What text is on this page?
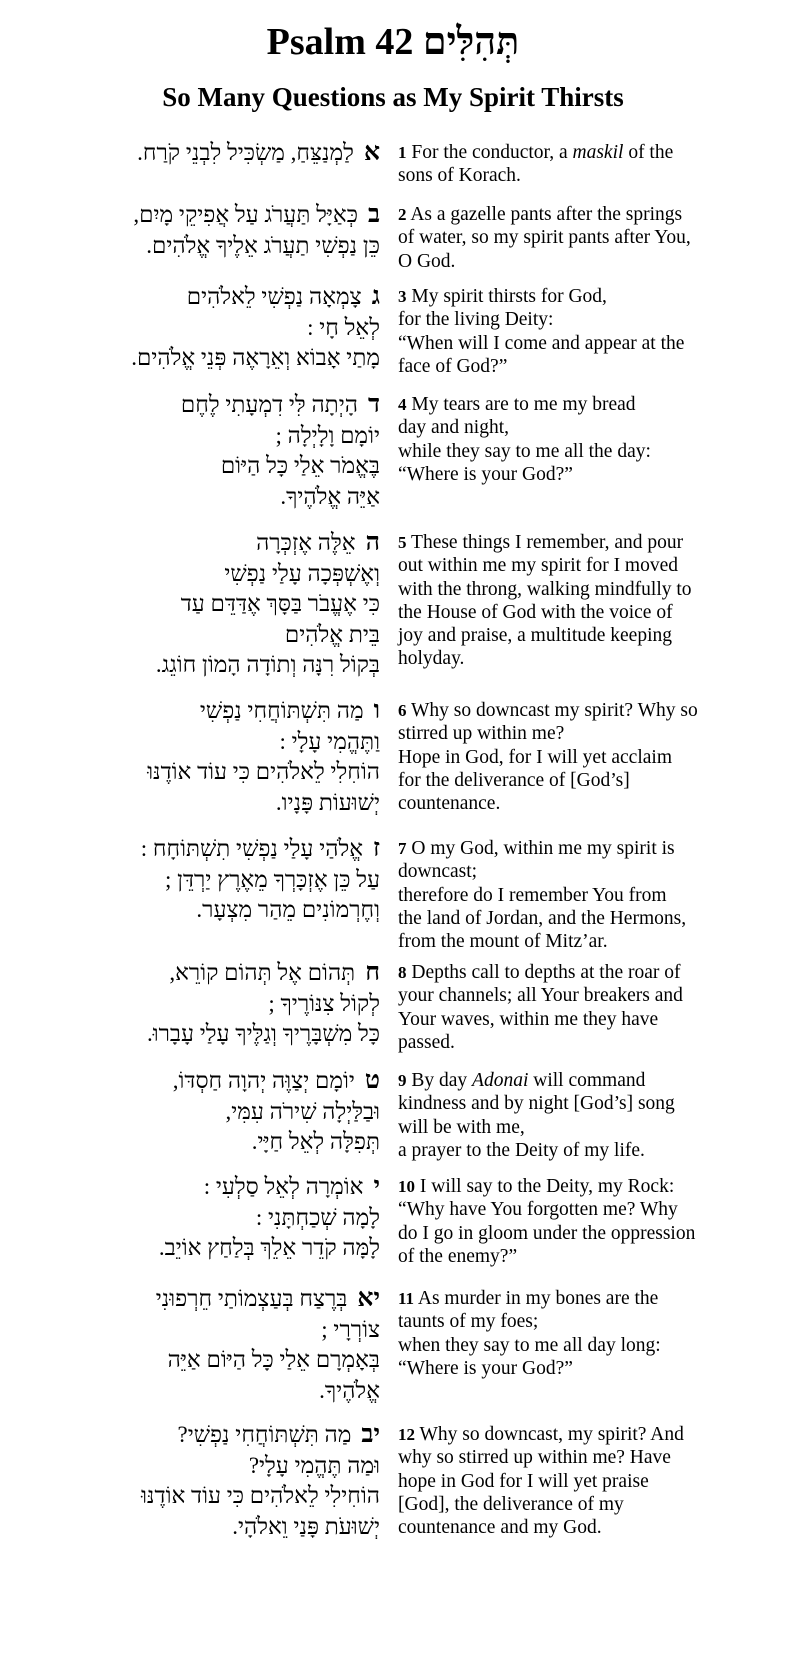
Psalm 42 תְּהִלִּים
So Many Questions as My Spirit Thirsts
אלַמְנַצֵּחַ, מַשְׂכִּיל לִבְנֵי קֹרַח.	1 For the conductor, a maskil of the
sons of Korach.
בכְּאַיָּל תַּעֲרֹג עַל אֲפִיקֵי מָיִם,
כֵּן נַפְשִׁי תַעֲרֹג אֵלֶיךָ אֱלֹהִים.
2 As a gazelle pants after the springs
of water, so my spirit pants after You,
O God.
גצָמְאָה נַפְשִׁי לֵאלֹהִים
לְאֵל חָי :
מָתַי אָבוֹא וְאֵרָאֶה פְּנֵי אֱלֹהִים.
3 My spirit thirsts for God,
for the living Deity:
“When will I come and appear at the
face of God?”
דהָיְתָה לִּי דִמְעָתִי לֶחֶם
יוֹמָם וָלָיְלָה ;
בֶּאֱמֹר אֵלַי כָּל הַיּוֹם
אַיֵּה אֱלֹהֶיךָ.
4 My tears are to me my bread
day and night,
while they say to me all the day:
“Where is your God?”
האֵלֶּה אֶזְכְּרָה
וְאֶשְׁפְּכָה עָלַי נַפְשִׁי
כִּי אֶעֱבֹר בַּסָּךְ אֶדַּדֵּם עַד
בֵּית אֱלֹהִים
בְּקוֹל רִנָּה וְתוֹדָה הָמוֹן חוֹגֵג.
5 These things I remember, and pour
out within me my spirit for I moved
with the throng, walking mindfully to
the House of God with the voice of
joy and praise, a multitude keeping
holyday.
ומַה תִּשְׁתּוֹחֲחִי נַפְשִׁי
וַתֶּהֱמִי עָלָי :
הוֹחִלִי לֵאלֹהִים כִּי עוֹד אוֹדֶנּוּ
יְשׁוּעוֹת פָּנָיו.
6 Why so downcast my spirit? Why so
stirred up within me?
Hope in God, for I will yet acclaim
for the deliverance of [God’s]
countenance.
זאֱלֹהַי עָלַי נַפְשִׁי תִשְׁתּוֹחָח :
עַל כֵּן אֶזְכָּרְךָ מֵאֶרֶץ יַרְדֵּן ;
וְחֶרְמוֹנִים מֵהַר מִצְעָר.
7 O my God, within me my spirit is
downcast;
therefore do I remember You from
the land of Jordan, and the Hermons,
from the mount of Mitz’ar.
חתְּהוֹם אֶל תְּהוֹם קוֹרֵא,
לְקוֹל צִנּוֹרֶיךָ ;
כָּל מִשְׁבָּרֶיךָ וְגַלֶּיךָ עָלַי עָבָרוּ.
8 Depths call to depths at the roar of
your channels; all Your breakers and
Your waves, within me they have
passed.
טיוֹמָם יְצַוֶּה יְהוָה חַסְדּוֹ,
וּבַלַּיְלָה שִׁירֹה עִמִּי,
תְּפִלָּה לְאֵל חַיָּי.
9 By day Adonai will command
kindness and by night [God’s] song
will be with me,
a prayer to the Deity of my life.
יאוֹמְרָה לְאֵל סַלְעִי :
לָמָה שְׁכַחְתָּנִי :
לָמָּה קֹדֵר אֵלֵךְ בְּלַחַץ אוֹיֵב.
10 I will say to the Deity, my Rock:
“Why have You forgotten me? Why
do I go in gloom under the oppression
of the enemy?”
יאבְּרֶצַח בְּעַצְמוֹתַי חֵרְפוּנִי
צוֹרְרָי ;
בְּאָמְרָם אֵלַי כָּל הַיּוֹם אַיֵּה
אֱלֹהֶיךָ.
11 As murder in my bones are the
taunts of my foes;
when they say to me all day long:
“Where is your God?”
יבמַה תִּשְׁתּוֹחֲחִי נַפְשִׁי?
וּמַה תֶּהֱמִי עָלָי?
הוֹחִילִי לֵאלֹהִים כִּי עוֹד אוֹדֶנּוּ
יְשׁוּעֹת פָּנַי וֵאלֹהָי.
12 Why so downcast, my spirit? And
why so stirred up within me? Have
hope in God for I will yet praise
[God], the deliverance of my
countenance and my God.
